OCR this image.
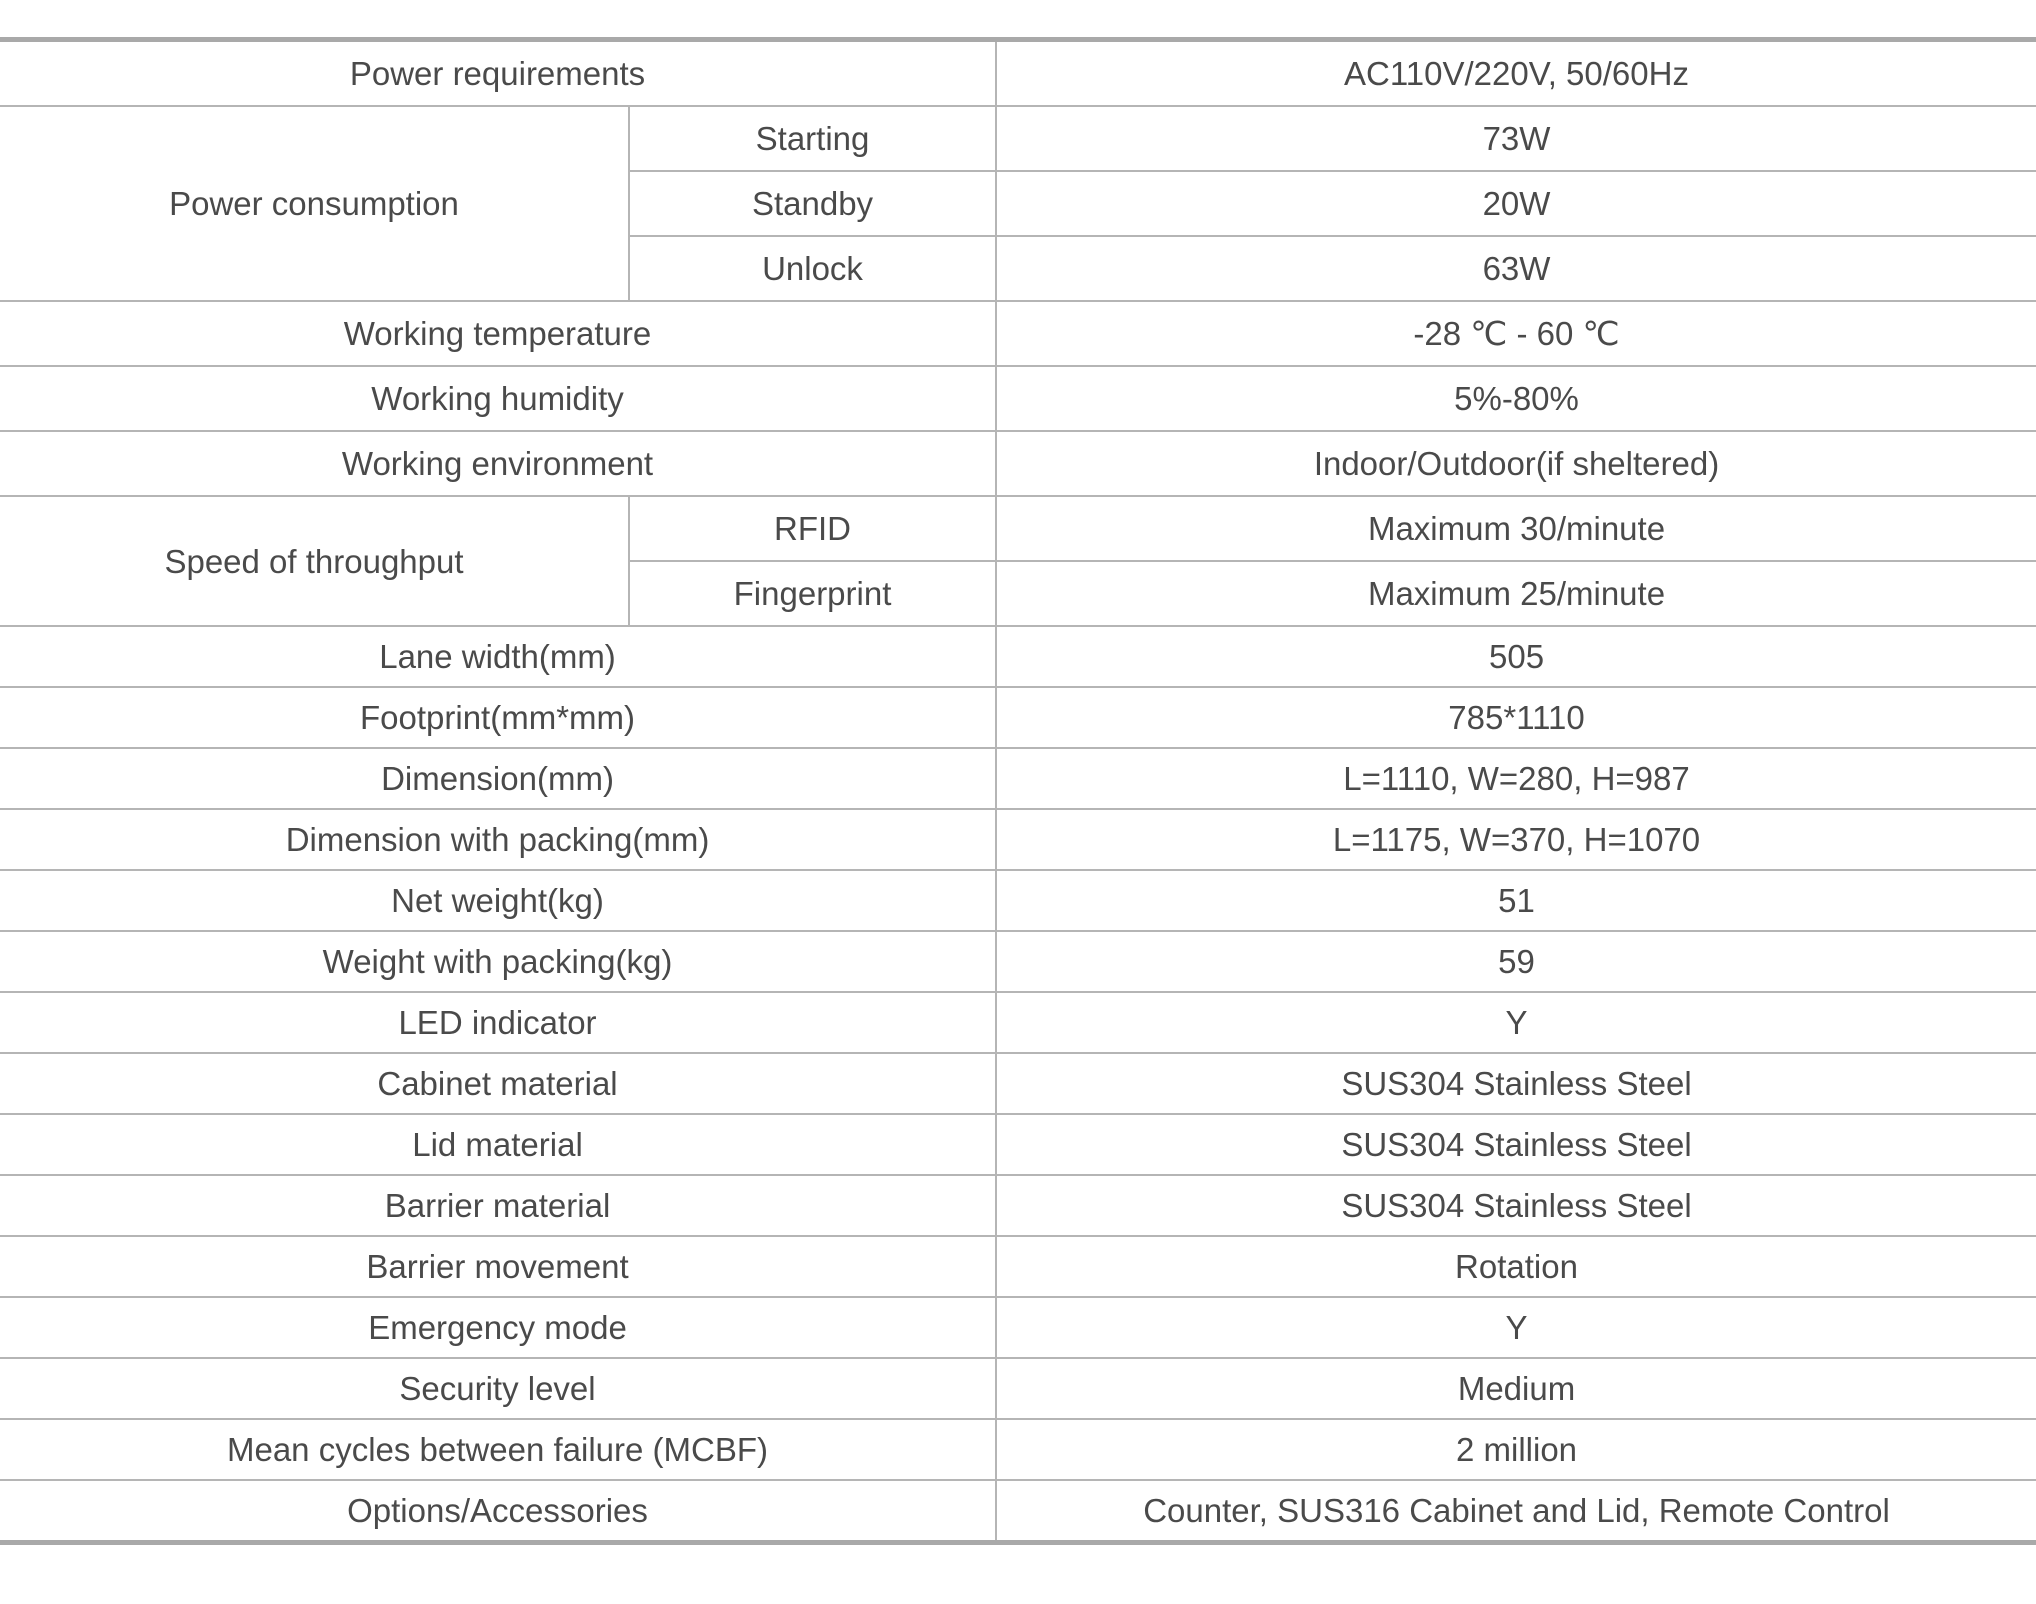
Power requirements		AC110V/220V, 50/60Hz
Power consumption	Starting	73W
	Standby	20W
	Unlock	63W
Working temperature		-28 ℃ - 60 ℃
Working humidity		5%-80%
Working environment		Indoor/Outdoor(if sheltered)
Speed of throughput	RFID	Maximum 30/minute
	Fingerprint	Maximum 25/minute
Lane width(mm)		505
Footprint(mm*mm)		785*1110
Dimension(mm)		L=1110, W=280, H=987
Dimension with packing(mm)		L=1175, W=370, H=1070
Net weight(kg)		51
Weight with packing(kg)		59
LED indicator		Y
Cabinet material		SUS304 Stainless Steel
Lid material		SUS304 Stainless Steel
Barrier material		SUS304 Stainless Steel
Barrier movement		Rotation
Emergency mode		Y
Security level		Medium
Mean cycles between failure (MCBF)		2 million
Options/Accessories		Counter, SUS316 Cabinet and Lid, Remote Control
